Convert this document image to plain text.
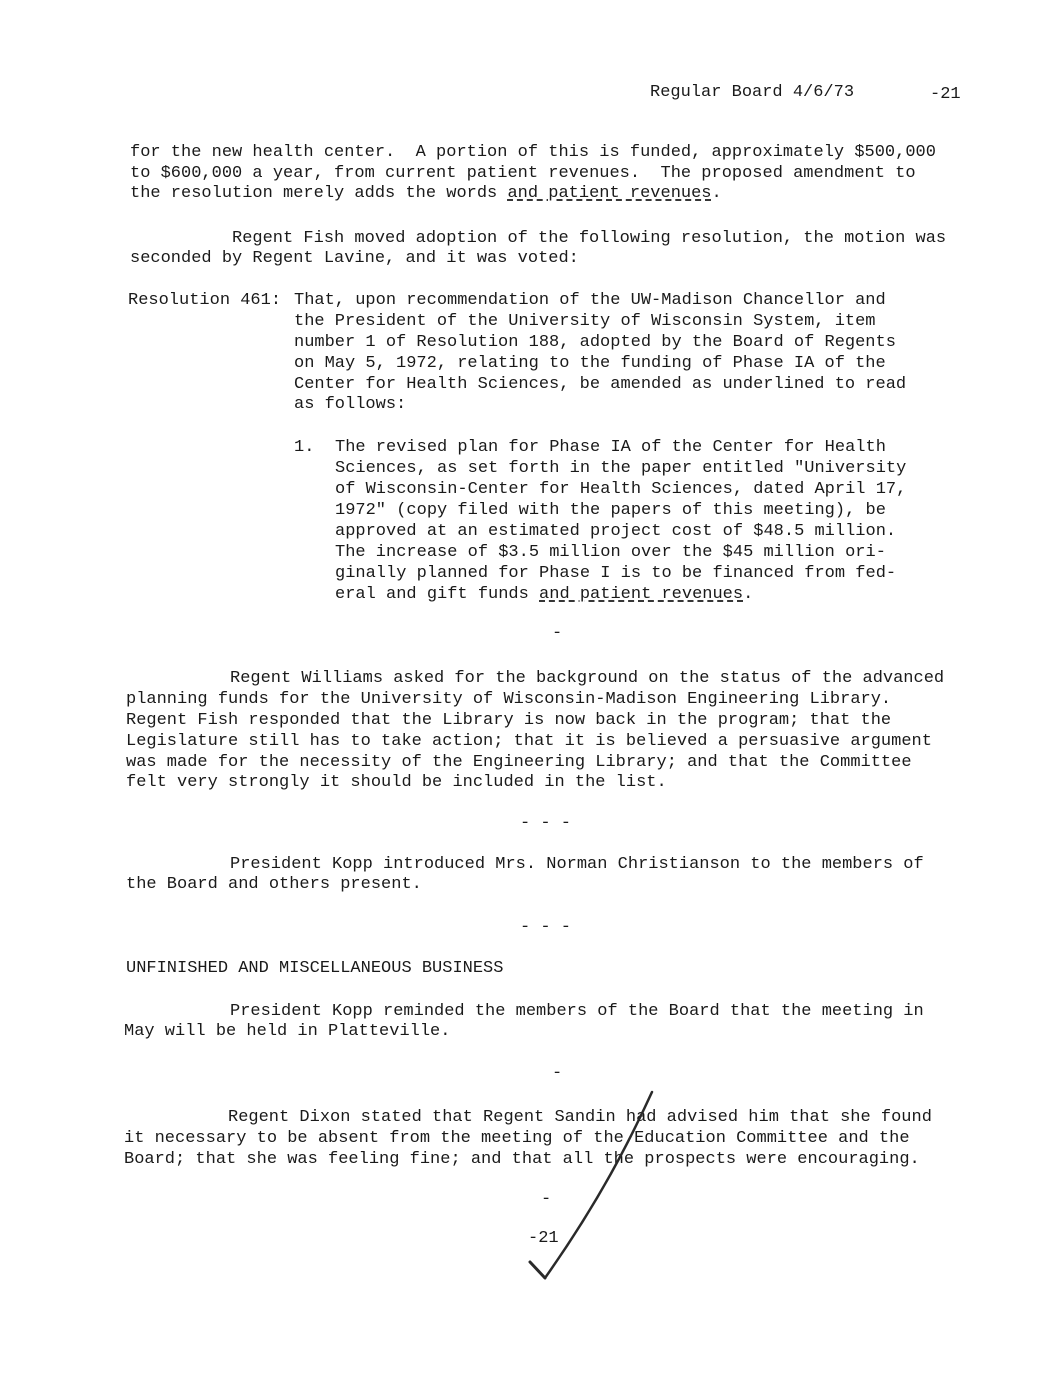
Regular Board 4/6/73	-21
for the new health center.  A portion of this is funded, approximately $500,000
to $600,000 a year, from current patient revenues.  The proposed amendment to
the resolution merely adds the words and patient revenues.
Regent Fish moved adoption of the following resolution, the motion was
seconded by Regent Lavine, and it was voted:
Resolution 461: That, upon recommendation of the UW-Madison Chancellor and
the President of the University of Wisconsin System, item
number 1 of Resolution 188, adopted by the Board of Regents
on May 5, 1972, relating to the funding of Phase IA of the
Center for Health Sciences, be amended as underlined to read
as follows:
1. The revised plan for Phase IA of the Center for Health
Sciences, as set forth in the paper entitled "University
of Wisconsin-Center for Health Sciences, dated April 17,
1972" (copy filed with the papers of this meeting), be
approved at an estimated project cost of $48.5 million.
The increase of $3.5 million over the $45 million ori-
ginally planned for Phase I is to be financed from fed-
eral and gift funds and patient revenues.
-
Regent Williams asked for the background on the status of the advanced
planning funds for the University of Wisconsin-Madison Engineering Library.
Regent Fish responded that the Library is now back in the program; that the
Legislature still has to take action; that it is believed a persuasive argument
was made for the necessity of the Engineering Library; and that the Committee
felt very strongly it should be included in the list.
- - -
President Kopp introduced Mrs. Norman Christianson to the members of
the Board and others present.
- - -
UNFINISHED AND MISCELLANEOUS BUSINESS
President Kopp reminded the members of the Board that the meeting in
May will be held in Platteville.
-
Regent Dixon stated that Regent Sandin had advised him that she found
it necessary to be absent from the meeting of the Education Committee and the
Board; that she was feeling fine; and that all the prospects were encouraging.
-
-21
